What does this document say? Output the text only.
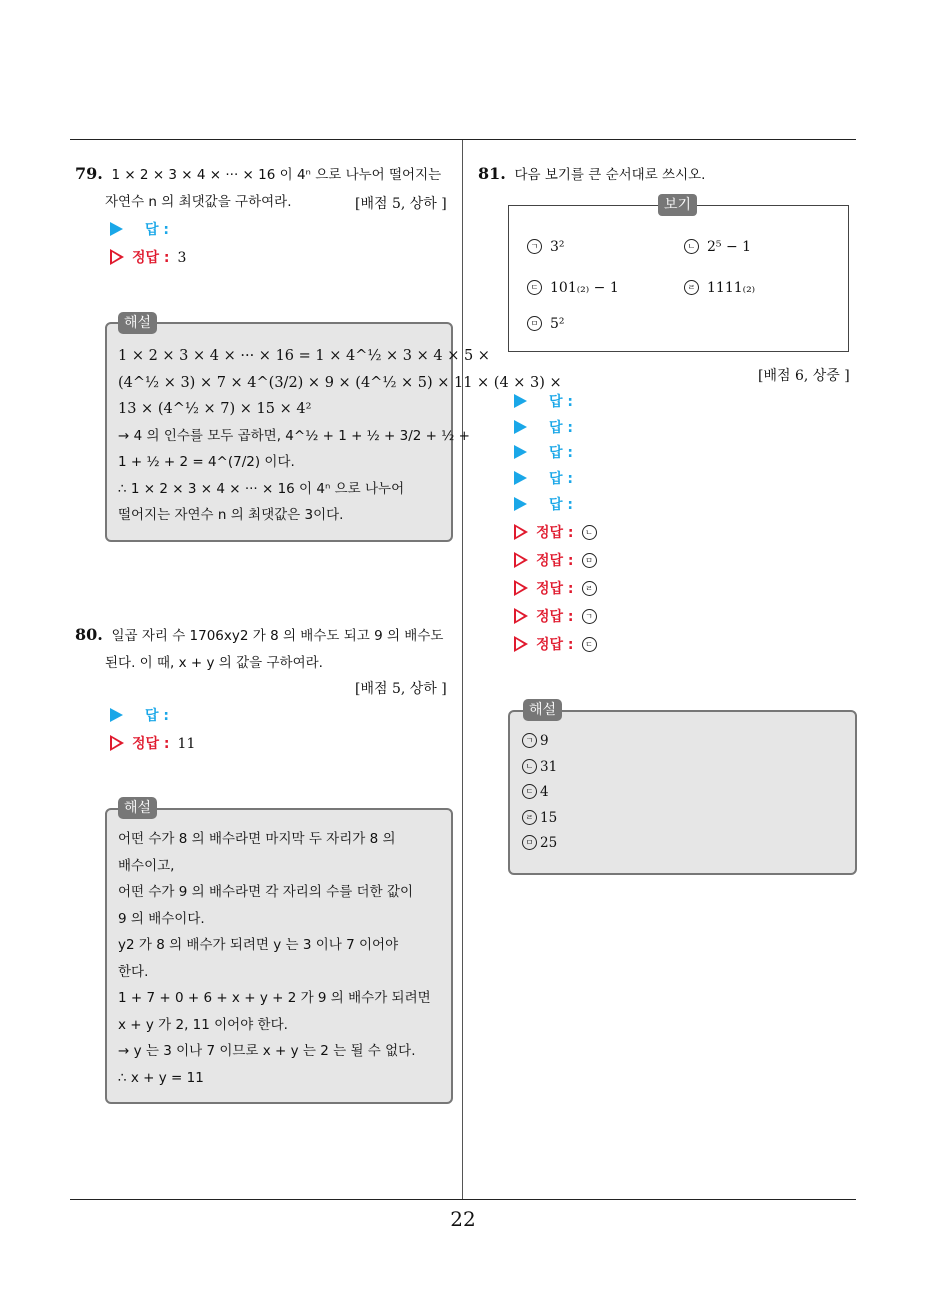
22
79. 1 × 2 × 3 × 4 × ··· × 16 이 4ⁿ 으로 나누어 떨어지는
자연수 n 의 최댓값을 구하여라.	[배점 5, 상하 ]
답 :
정답 : 3
해설
1 × 2 × 3 × 4 × ··· × 16 = 1 × 4^½ × 3 × 4 × 5 ×
(4^½ × 3) × 7 × 4^(3/2) × 9 × (4^½ × 5) × 11 × (4 × 3) ×
13 × (4^½ × 7) × 15 × 4²
→ 4 의 인수를 모두 곱하면, 4^½ + 1 + ½ + 3/2 + ½ +
1 + ½ + 2 = 4^(7/2) 이다.
∴ 1 × 2 × 3 × 4 × ··· × 16 이 4ⁿ 으로 나누어
떨어지는 자연수 n 의 최댓값은 3이다.
80. 일곱 자리 수 1706xy2 가 8 의 배수도 되고 9 의 배수도
된다. 이 때, x + y 의 값을 구하여라.
[배점 5, 상하 ]
답 :
정답 : 11
해설
어떤 수가 8 의 배수라면 마지막 두 자리가 8 의
배수이고,
어떤 수가 9 의 배수라면 각 자리의 수를 더한 값이
9 의 배수이다.
y2 가 8 의 배수가 되려면 y 는 3 이나 7 이어야
한다.
1 + 7 + 0 + 6 + x + y + 2 가 9 의 배수가 되려면
x + y 가 2, 11 이어야 한다.
→ y 는 3 이나 7 이므로 x + y 는 2 는 될 수 없다.
∴ x + y = 11
81. 다음 보기를 큰 순서대로 쓰시오.
보기
ㄱ 3²	ㄴ 2⁵ − 1
ㄷ 101₍₂₎ − 1	ㄹ 1111₍₂₎
ㅁ 5²
[배점 6, 상중 ]
답 :
답 :
답 :
답 :
답 :
정답 : ㄴ
정답 : ㅁ
정답 : ㄹ
정답 : ㄱ
정답 : ㄷ
해설
ㄱ 9
ㄴ 31
ㄷ 4
ㄹ 15
ㅁ 25
